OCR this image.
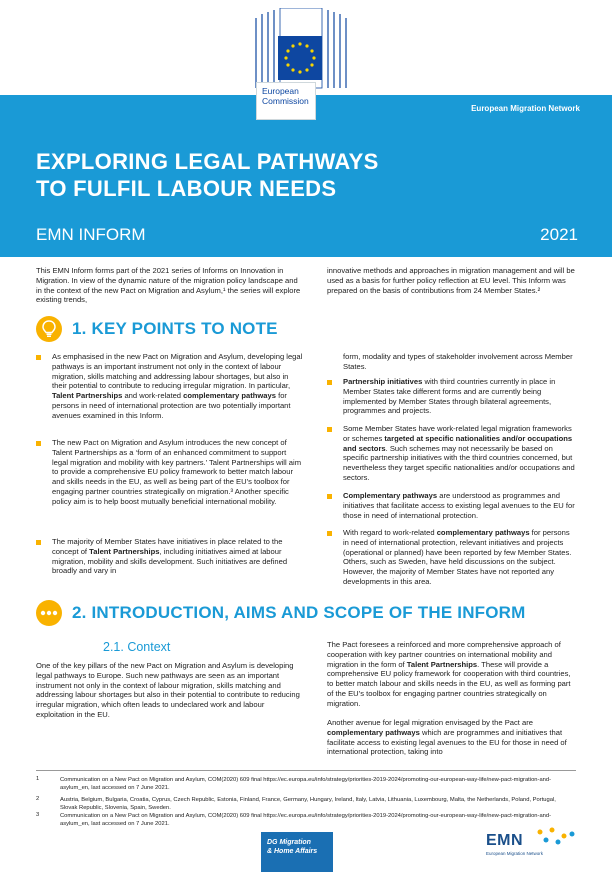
European
Commission
European Migration Network
EXPLORING LEGAL PATHWAYS
TO FULFIL LABOUR NEEDS
EMN INFORM	2021

This EMN Inform forms part of the 2021 series of Informs on Innovation in Migration. In view of the dynamic nature of the migration policy landscape and in the context of the new Pact on Migration and Asylum,¹ the series will explore existing trends,

innovative methods and approaches in migration management and will be used as a basis for further policy reflection at EU level. This Inform was prepared on the basis of contributions from 24 Member States.²

1. KEY POINTS TO NOTE

As emphasised in the new Pact on Migration and Asylum, developing legal pathways is an important instrument not only in the context of labour migration, skills matching and addressing labour shortages, but also in their potential to contribute to reducing irregular migration. In particular, Talent Partnerships and work-related complementary pathways for persons in need of international protection are two potentially important avenues examined in this Inform.

The new Pact on Migration and Asylum introduces the new concept of Talent Partnerships as a ‘form of an enhanced commitment to support legal migration and mobility with key partners.’ Talent Partnerships will aim to provide a comprehensive EU policy framework to better match labour and skills needs in the EU, as well as being part of the EU’s toolbox for engaging partner countries strategically on migration.³ Another specific policy aim is to help boost mutually beneficial international mobility.

The majority of Member States have initiatives in place related to the concept of Talent Partnerships, including initiatives aimed at labour migration, mobility and skills development. Such initiatives are defined broadly and vary in

form, modality and types of stakeholder involvement across Member States.

Partnership initiatives with third countries currently in place in Member States take different forms and are currently being implemented by Member States through bilateral agreements, programmes and projects.

Some Member States have work-related legal migration frameworks or schemes targeted at specific nationalities and/or occupations and sectors. Such schemes may not necessarily be based on specific partnership initiatives with the third countries concerned, but nevertheless they target specific nationalities and/or occupations and sectors.

Complementary pathways are understood as programmes and initiatives that facilitate access to existing legal avenues to the EU for those in need of international protection.

With regard to work-related complementary pathways for persons in need of international protection, relevant initiatives and projects (operational or planned) have been reported by few Member States. Others, such as Sweden, have held discussions on the subject. However, the majority of Member States have not reported any developments in this area.

2. INTRODUCTION, AIMS AND SCOPE OF THE INFORM
2.1. Context

One of the key pillars of the new Pact on Migration and Asylum is developing legal pathways to Europe. Such new pathways are seen as an important instrument not only in the context of labour migration, skills matching and addressing labour shortages but also in their potential to contribute to reducing irregular migration, which often leads to undeclared work and labour exploitation in the EU.

The Pact foresees a reinforced and more comprehensive approach of cooperation with key partner countries on international mobility and migration in the form of Talent Partnerships. These will provide a comprehensive EU policy framework for cooperation with third countries, to better match labour and skills needs in the EU, as well as forming part of the EU’s toolbox for engaging partner countries strategically on migration.

Another avenue for legal migration envisaged by the Pact are complementary pathways which are programmes and initiatives that facilitate access to existing legal avenues to the EU for those in need of international protection, taking into

1	Communication on a New Pact on Migration and Asylum, COM(2020) 609 final https://ec.europa.eu/info/strategy/priorities-2019-2024/promoting-our-european-way-life/new-pact-migration-and-asylum_en, last accessed on 7 June 2021.

2	Austria, Belgium, Bulgaria, Croatia, Cyprus, Czech Republic, Estonia, Finland, France, Germany, Hungary, Ireland, Italy, Latvia, Lithuania, Luxembourg, Malta, the Netherlands, Poland, Portugal, Slovak Republic, Slovenia, Spain, Sweden.

3	Communication on a New Pact on Migration and Asylum, COM(2020) 609 final https://ec.europa.eu/info/strategy/priorities-2019-2024/promoting-our-european-way-life/new-pact-migration-and-asylum_en, last accessed on 7 June 2021.

DG Migration
& Home Affairs
EMN
European Migration Network
